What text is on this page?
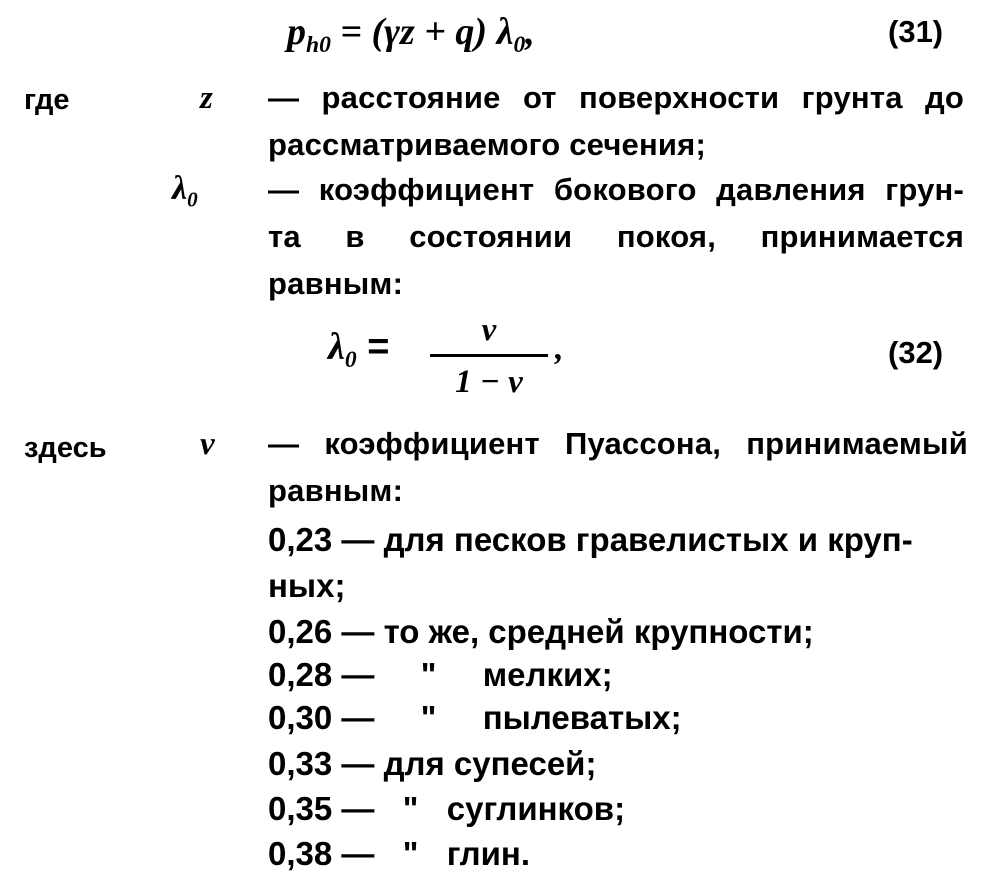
$p_{h0} = (\gamma z + q)$ $\lambda_0$,	(31)
где	z — расстояние от поверхности грунта до
рассматриваемого сечения;
$\lambda_0$ — коэффициент бокового давления грун-
та в состоянии покоя, принимается
равным:
$\lambda_0$ =	ν
1 − ν
,	(32)
здесь	ν — коэффициент Пуассона, принимаемый
равным:
0,23 — для песков гравелистых и круп-
ных;
0,26 — то же, средней крупности;
0,28 — " мелких;
0,30 — " пылеватых;
0,33 — для супесей;
0,35 — " суглинков;
0,38 — " глин.
